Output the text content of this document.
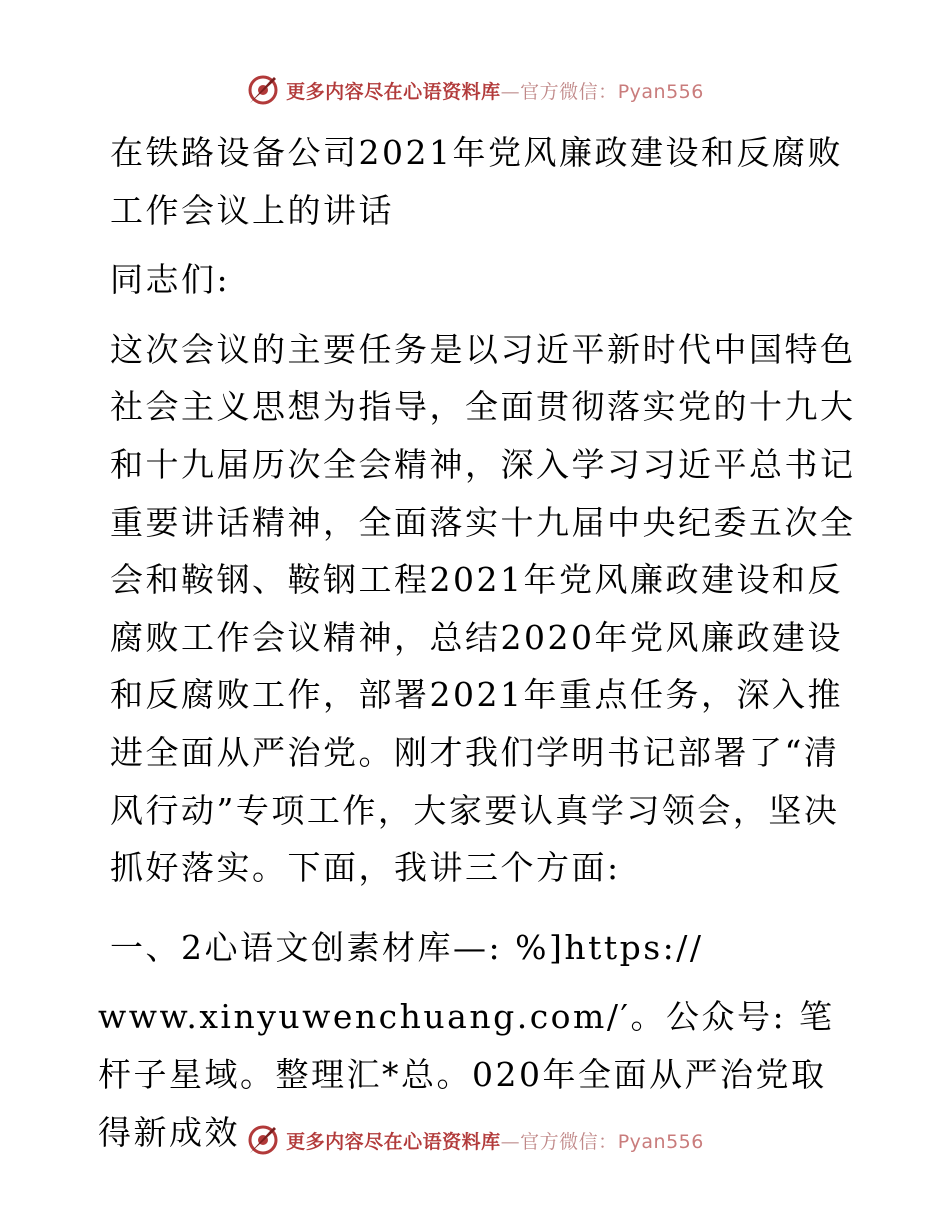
更多内容尽在心语资料库—官方微信：Pyan556

在铁路设备公司2021年党风廉政建设和反腐败工作会议上的讲话

同志们:

这次会议的主要任务是以习近平新时代中国特色社会主义思想为指导，全面贯彻落实党的十九大和十九届历次全会精神，深入学习习近平总书记重要讲话精神，全面落实十九届中央纪委五次全会和鞍钢、鞍钢工程2021年党风廉政建设和反腐败工作会议精神，总结2020年党风廉政建设和反腐败工作，部署2021年重点任务，深入推进全面从严治党。刚才我们学明书记部署了“清风行动”专项工作，大家要认真学习领会，坚决抓好落实。下面，我讲三个方面:

一、2心语文创素材库—: %]https://

www.xinyuwenchuang.com/′。公众号: 笔杆子星域。整理汇*总。020年全面从严治党取得新成效	更多内容尽在心语资料库—官方微信：Pyan556
